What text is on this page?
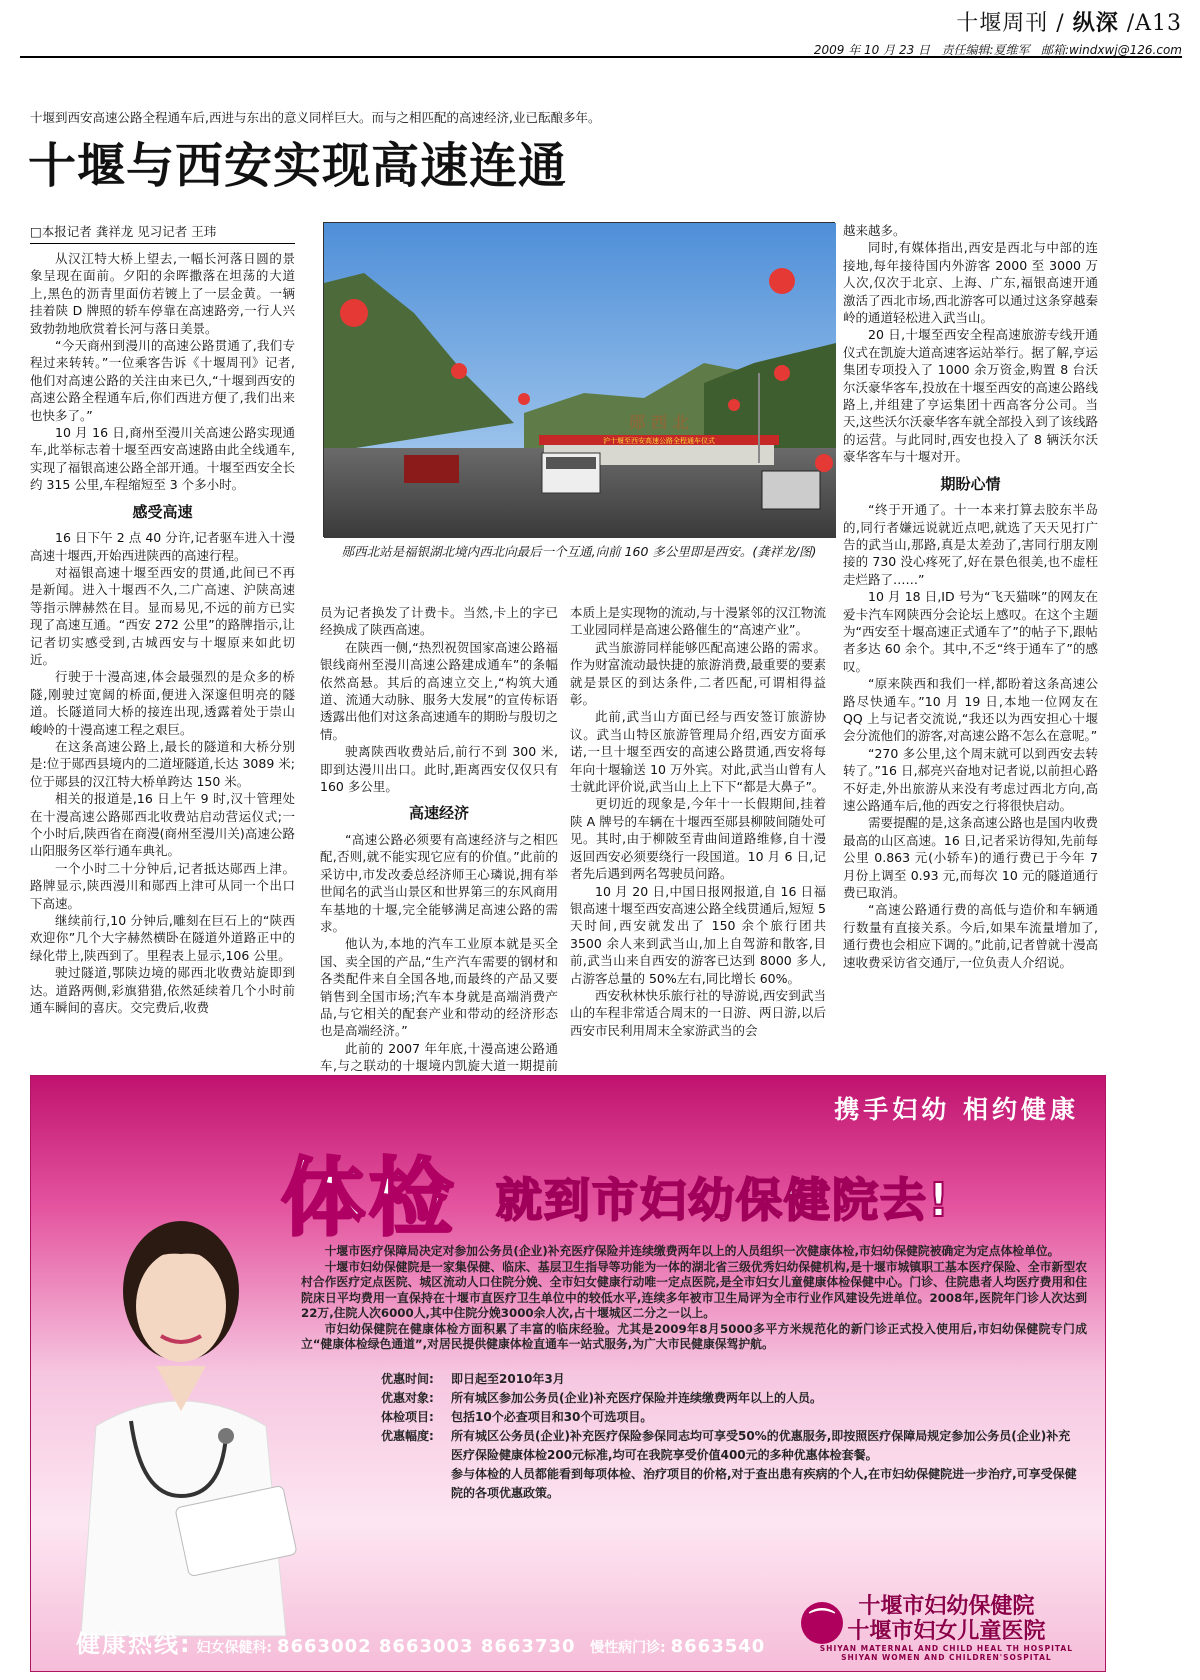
十堰周刊 / 纵深 /A13
2009 年 10 月 23 日 责任编辑:夏维军 邮箱:windxwj@126.com
十堰到西安高速公路全程通车后,西进与东出的意义同样巨大。而与之相匹配的高速经济,业已酝酿多年。
十堰与西安实现高速连通
□本报记者 龚祥龙 见习记者 王玮

从汉江特大桥上望去,一幅长河落日圆的景象呈现在面前。夕阳的余晖撒落在坦荡的大道上,黑色的沥青里面仿若镀上了一层金黄。一辆挂着陕 D 牌照的轿车停靠在高速路旁,一行人兴致勃勃地欣赏着长河与落日美景。

“今天商州到漫川的高速公路贯通了,我们专程过来转转。”一位乘客告诉《十堰周刊》记者,他们对高速公路的关注由来已久,“十堰到西安的高速公路全程通车后,你们西进方便了,我们出来也快多了。”

10 月 16 日,商州至漫川关高速公路实现通车,此举标志着十堰至西安高速路由此全线通车,实现了福银高速公路全部开通。十堰至西安全长约 315 公里,车程缩短至 3 个多小时。

感受高速

16 日下午 2 点 40 分许,记者驱车进入十漫高速十堰西,开始西进陕西的高速行程。

对福银高速十堰至西安的贯通,此间已不再是新闻。进入十堰西不久,二广高速、沪陕高速等指示牌赫然在目。显而易见,不远的前方已实现了高速互通。“西安 272 公里”的路牌指示,让记者切实感受到,古城西安与十堰原来如此切近。

行驶于十漫高速,体会最强烈的是众多的桥隧,刚驶过宽阔的桥面,便进入深邃但明亮的隧道。长隧道同大桥的接连出现,透露着处于崇山峻岭的十漫高速工程之艰巨。

在这条高速公路上,最长的隧道和大桥分别是:位于郧西县境内的二道垭隧道,长达 3089 米;位于郧县的汉江特大桥单跨达 150 米。

相关的报道是,16 日上午 9 时,汉十管理处在十漫高速公路郧西北收费站启动营运仪式;一个小时后,陕西省在商漫(商州至漫川关)高速公路山阳服务区举行通车典礼。

一个小时二十分钟后,记者抵达郧西上津。路牌显示,陕西漫川和郧西上津可从同一个出口下高速。

继续前行,10 分钟后,雕刻在巨石上的“陕西欢迎你”几个大字赫然横卧在隧道外道路正中的绿化带上,陕西到了。里程表上显示,106 公里。

驶过隧道,鄂陕边境的郧西北收费站旋即到达。道路两侧,彩旗猎猎,依然延续着几个小时前通车瞬间的喜庆。交完费后,收费

沪十堰至西安高速公路全程通车仪式
郧 西 北
郧西北站是福银湖北境内西北向最后一个互通,向前 160 多公里即是西安。(龚祥龙/图)

员为记者换发了计费卡。当然,卡上的字已经换成了陕西高速。

在陕西一侧,“热烈祝贺国家高速公路福银线商州至漫川高速公路建成通车”的条幅依然高悬。其后的高速立交上,“构筑大通道、流通大动脉、服务大发展”的宣传标语透露出他们对这条高速通车的期盼与殷切之情。

驶离陕西收费站后,前行不到 300 米,即到达漫川出口。此时,距离西安仅仅只有 160 多公里。

高速经济

“高速公路必须要有高速经济与之相匹配,否则,就不能实现它应有的价值。”此前的采访中,市发改委总经济师王心璘说,拥有举世闻名的武当山景区和世界第三的东风商用车基地的十堰,完全能够满足高速公路的需求。

他认为,本地的汽车工业原本就是买全国、卖全国的产品,“生产汽车需要的钢材和各类配件来自全国各地,而最终的产品又要销售到全国市场;汽车本身就是高端消费产品,与它相关的配套产业和带动的经济形态也是高端经济。”

此前的 2007 年年底,十漫高速公路通车,与之联动的十堰境内凯旋大道一期提前

本质上是实现物的流动,与十漫紧邻的汉江物流工业园同样是高速公路催生的“高速产业”。

武当旅游同样能够匹配高速公路的需求。作为财富流动最快捷的旅游消费,最重要的要素就是景区的到达条件,二者匹配,可谓相得益彰。

此前,武当山方面已经与西安签订旅游协议。武当山特区旅游管理局介绍,西安方面承诺,一旦十堰至西安的高速公路贯通,西安将每年向十堰输送 10 万外宾。对此,武当山曾有人士就此评价说,武当山上上下下“都是大鼻子”。

更切近的现象是,今年十一长假期间,挂着陕 A 牌号的车辆在十堰西至郧县柳陂间随处可见。其时,由于柳陂至青曲间道路维修,自十漫返回西安必须要绕行一段国道。10 月 6 日,记者先后遇到两名驾驶员问路。

10 月 20 日,中国日报网报道,自 16 日福银高速十堰至西安高速公路全线贯通后,短短 5 天时间,西安就发出了 150 余个旅行团共 3500 余人来到武当山,加上自驾游和散客,目前,武当山来自西安的游客已达到 8000 多人,占游客总量的 50%左右,同比增长 60%。

西安秋林快乐旅行社的导游说,西安到武当山的车程非常适合周末的一日游、两日游,以后西安市民利用周末全家游武当的会

越来越多。

同时,有媒体指出,西安是西北与中部的连接地,每年接待国内外游客 2000 至 3000 万人次,仅次于北京、上海、广东,福银高速开通激活了西北市场,西北游客可以通过这条穿越秦岭的通道轻松进入武当山。

20 日,十堰至西安全程高速旅游专线开通仪式在凯旋大道高速客运站举行。据了解,亨运集团专项投入了 1000 余万资金,购置 8 台沃尔沃豪华客车,投放在十堰至西安的高速公路线路上,并组建了亨运集团十西高客分公司。当天,这些沃尔沃豪华客车就全部投入到了该线路的运营。与此同时,西安也投入了 8 辆沃尔沃豪华客车与十堰对开。

期盼心情

“终于开通了。十一本来打算去胶东半岛的,同行者嫌远说就近点吧,就选了天天见打广告的武当山,那路,真是太差劲了,害同行朋友刚接的 730 没心疼死了,好在景色很美,也不虚枉走烂路了……”

10 月 18 日,ID 号为“飞天猫咪”的网友在爱卡汽车网陕西分会论坛上感叹。在这个主题为“西安至十堰高速正式通车了”的帖子下,跟帖者多达 60 余个。其中,不乏“终于通车了”的感叹。

“原来陕西和我们一样,都盼着这条高速公路尽快通车。”10 月 19 日,本地一位网友在 QQ 上与记者交流说,“我还以为西安担心十堰会分流他们的游客,对高速公路不怎么在意呢。”

“270 多公里,这个周末就可以到西安去转转了。”16 日,郝亮兴奋地对记者说,以前担心路不好走,外出旅游从来没有考虑过西北方向,高速公路通车后,他的西安之行将很快启动。

需要提醒的是,这条高速公路也是国内收费最高的山区高速。16 日,记者采访得知,先前每公里 0.863 元(小轿车)的通行费已于今年 7 月份上调至 0.93 元,而每次 10 元的隧道通行费已取消。

“高速公路通行费的高低与造价和车辆通行数量有直接关系。今后,如果车流量增加了,通行费也会相应下调的。”此前,记者曾就十漫高速收费采访省交通厅,一位负责人介绍说。

携手妇幼 相约健康
体检 就到市妇幼保健院去!

十堰市医疗保障局决定对参加公务员(企业)补充医疗保险并连续缴费两年以上的人员组织一次健康体检,市妇幼保健院被确定为定点体检单位。

十堰市妇幼保健院是一家集保健、临床、基层卫生指导等功能为一体的湖北省三级优秀妇幼保健机构,是十堰市城镇职工基本医疗保险、全市新型农村合作医疗定点医院、城区流动人口住院分娩、全市妇女健康行动唯一定点医院,是全市妇女儿童健康体检保健中心。门诊、住院患者人均医疗费用和住院床日平均费用一直保持在十堰市直医疗卫生单位中的较低水平,连续多年被市卫生局评为全市行业作风建设先进单位。2008年,医院年门诊人次达到22万,住院人次6000人,其中住院分娩3000余人次,占十堰城区二分之一以上。

市妇幼保健院在健康体检方面积累了丰富的临床经验。尤其是2009年8月5000多平方米规范化的新门诊正式投入使用后,市妇幼保健院专门成立“健康体检绿色通道”,对居民提供健康体检直通车一站式服务,为广大市民健康保驾护航。

优惠时间:	即日起至2010年3月
优惠对象:	所有城区参加公务员(企业)补充医疗保险并连续缴费两年以上的人员。
体检项目:	包括10个必查项目和30个可选项目。
优惠幅度:	所有城区公务员(企业)补充医疗保险参保同志均可享受50%的优惠服务,即按照医疗保障局规定参加公务员(企业)补充医疗保险健康体检200元标准,均可在我院享受价值400元的多种优惠体检套餐。
参与体检的人员都能看到每项体检、治疗项目的价格,对于查出患有疾病的个人,在市妇幼保健院进一步治疗,可享受保健院的各项优惠政策。
⌒
十堰市妇幼保健院
十堰市妇女儿童医院
SHIYAN MATERNAL AND CHILD HEAL TH HOSPITAL
SHIYAN WOMEN AND CHILDREN'SOSPITAL
健康热线: 妇女保健科: 8663002 8663003 8663730 慢性病门诊: 8663540
